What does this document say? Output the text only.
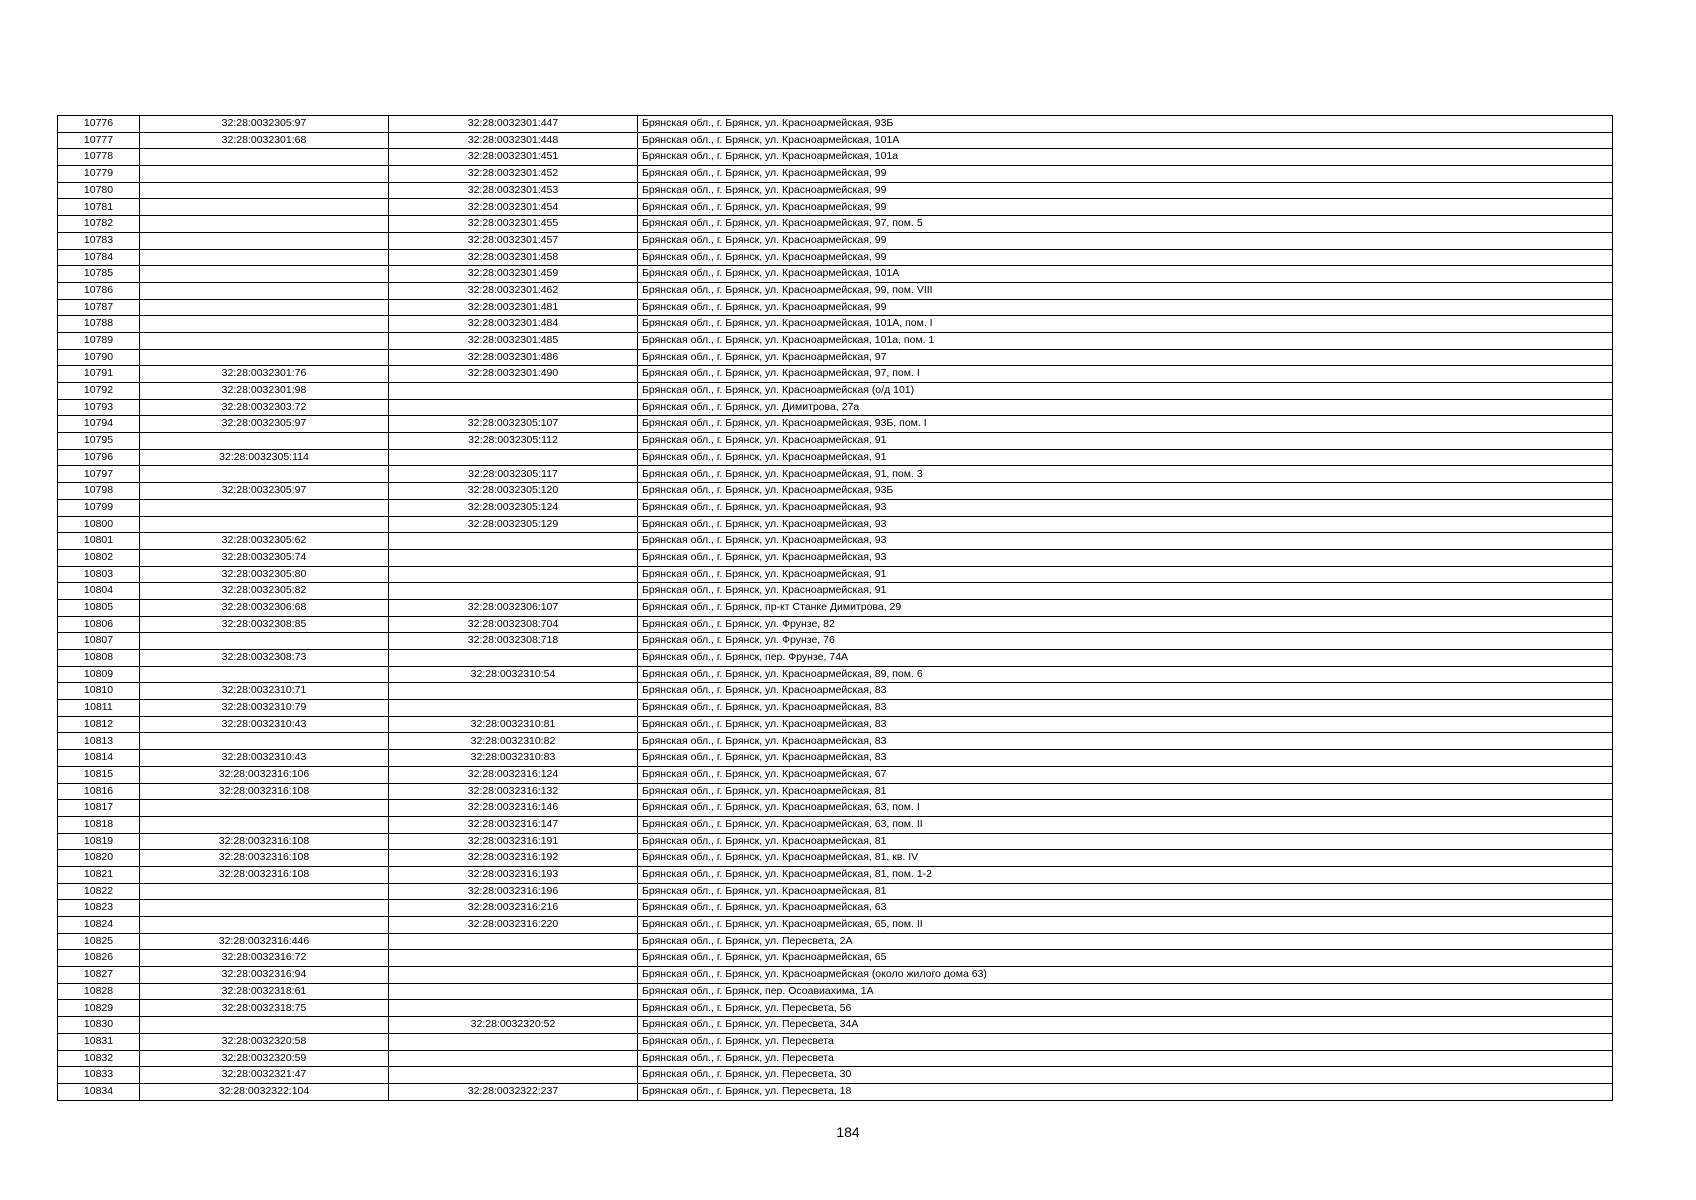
10776	32:28:0032305:97	32:28:0032301:447	Брянская обл., г. Брянск, ул. Красноармейская, 93Б
10777	32:28:0032301:68	32:28:0032301:448	Брянская обл., г. Брянск, ул. Красноармейская, 101А
10778		32:28:0032301:451	Брянская обл., г. Брянск, ул. Красноармейская, 101а
10779		32:28:0032301:452	Брянская обл., г. Брянск, ул. Красноармейская, 99
10780		32:28:0032301:453	Брянская обл., г. Брянск, ул. Красноармейская, 99
10781		32:28:0032301:454	Брянская обл., г. Брянск, ул. Красноармейская, 99
10782		32:28:0032301:455	Брянская обл., г. Брянск, ул. Красноармейская, 97, пом. 5
10783		32:28:0032301:457	Брянская обл., г. Брянск, ул. Красноармейская, 99
10784		32:28:0032301:458	Брянская обл., г. Брянск, ул. Красноармейская, 99
10785		32:28:0032301:459	Брянская обл., г. Брянск, ул. Красноармейская, 101А
10786		32:28:0032301:462	Брянская обл., г. Брянск, ул. Красноармейская, 99, пом. VIII
10787		32:28:0032301:481	Брянская обл., г. Брянск, ул. Красноармейская, 99
10788		32:28:0032301:484	Брянская обл., г. Брянск, ул. Красноармейская, 101А, пом. I
10789		32:28:0032301:485	Брянская обл., г. Брянск, ул. Красноармейская, 101а, пом. 1
10790		32:28:0032301:486	Брянская обл., г. Брянск, ул. Красноармейская, 97
10791	32:28:0032301:76	32:28:0032301:490	Брянская обл., г. Брянск, ул. Красноармейская, 97, пом. I
10792	32:28:0032301:98		Брянская обл., г. Брянск, ул. Красноармейская (о/д 101)
10793	32:28:0032303:72		Брянская обл., г. Брянск, ул. Димитрова, 27а
10794	32:28:0032305:97	32:28:0032305:107	Брянская обл., г. Брянск, ул. Красноармейская, 93Б, пом. I
10795		32:28:0032305:112	Брянская обл., г. Брянск, ул. Красноармейская, 91
10796	32:28:0032305:114		Брянская обл., г. Брянск, ул. Красноармейская, 91
10797		32:28:0032305:117	Брянская обл., г. Брянск, ул. Красноармейская, 91, пом. 3
10798	32:28:0032305:97	32:28:0032305:120	Брянская обл., г. Брянск, ул. Красноармейская, 93Б
10799		32:28:0032305:124	Брянская обл., г. Брянск, ул. Красноармейская, 93
10800		32:28:0032305:129	Брянская обл., г. Брянск, ул. Красноармейская, 93
10801	32:28:0032305:62		Брянская обл., г. Брянск, ул. Красноармейская, 93
10802	32:28:0032305:74		Брянская обл., г. Брянск, ул. Красноармейская, 93
10803	32:28:0032305:80		Брянская обл., г. Брянск, ул. Красноармейская, 91
10804	32:28:0032305:82		Брянская обл., г. Брянск, ул. Красноармейская, 91
10805	32:28:0032306:68	32:28:0032306:107	Брянская обл., г. Брянск, пр-кт Станке Димитрова, 29
10806	32:28:0032308:85	32:28:0032308:704	Брянская обл., г. Брянск, ул. Фрунзе, 82
10807		32:28:0032308:718	Брянская обл., г. Брянск, ул. Фрунзе, 76
10808	32:28:0032308:73		Брянская обл., г. Брянск, пер. Фрунзе, 74А
10809		32:28:0032310:54	Брянская обл., г. Брянск, ул. Красноармейская, 89, пом. 6
10810	32:28:0032310:71		Брянская обл., г. Брянск, ул. Красноармейская, 83
10811	32:28:0032310:79		Брянская обл., г. Брянск, ул. Красноармейская, 83
10812	32:28:0032310:43	32:28:0032310:81	Брянская обл., г. Брянск, ул. Красноармейская, 83
10813		32:28:0032310:82	Брянская обл., г. Брянск, ул. Красноармейская, 83
10814	32:28:0032310:43	32:28:0032310:83	Брянская обл., г. Брянск, ул. Красноармейская, 83
10815	32:28:0032316:106	32:28:0032316:124	Брянская обл., г. Брянск, ул. Красноармейская, 67
10816	32:28:0032316:108	32:28:0032316:132	Брянская обл., г. Брянск, ул. Красноармейская, 81
10817		32:28:0032316:146	Брянская обл., г. Брянск, ул. Красноармейская, 63, пом. I
10818		32:28:0032316:147	Брянская обл., г. Брянск, ул. Красноармейская, 63, пом. II
10819	32:28:0032316:108	32:28:0032316:191	Брянская обл., г. Брянск, ул. Красноармейская, 81
10820	32:28:0032316:108	32:28:0032316:192	Брянская обл., г. Брянск, ул. Красноармейская, 81, кв. IV
10821	32:28:0032316:108	32:28:0032316:193	Брянская обл., г. Брянск, ул. Красноармейская, 81, пом. 1-2
10822		32:28:0032316:196	Брянская обл., г. Брянск, ул. Красноармейская, 81
10823		32:28:0032316:216	Брянская обл., г. Брянск, ул. Красноармейская, 63
10824		32:28:0032316:220	Брянская обл., г. Брянск, ул. Красноармейская, 65, пом. II
10825	32:28:0032316:446		Брянская обл., г. Брянск, ул. Пересвета, 2А
10826	32:28:0032316:72		Брянская обл., г. Брянск, ул. Красноармейская, 65
10827	32:28:0032316:94		Брянская обл., г. Брянск, ул. Красноармейская (около жилого дома 63)
10828	32:28:0032318:61		Брянская обл., г. Брянск, пер. Осоавиахима, 1А
10829	32:28:0032318:75		Брянская обл., г. Брянск, ул. Пересвета, 56
10830		32:28:0032320:52	Брянская обл., г. Брянск, ул. Пересвета, 34А
10831	32:28:0032320:58		Брянская обл., г. Брянск, ул. Пересвета
10832	32:28:0032320:59		Брянская обл., г. Брянск, ул. Пересвета
10833	32:28:0032321:47		Брянская обл., г. Брянск, ул. Пересвета, 30
10834	32:28:0032322:104	32:28:0032322:237	Брянская обл., г. Брянск, ул. Пересвета, 18
184
